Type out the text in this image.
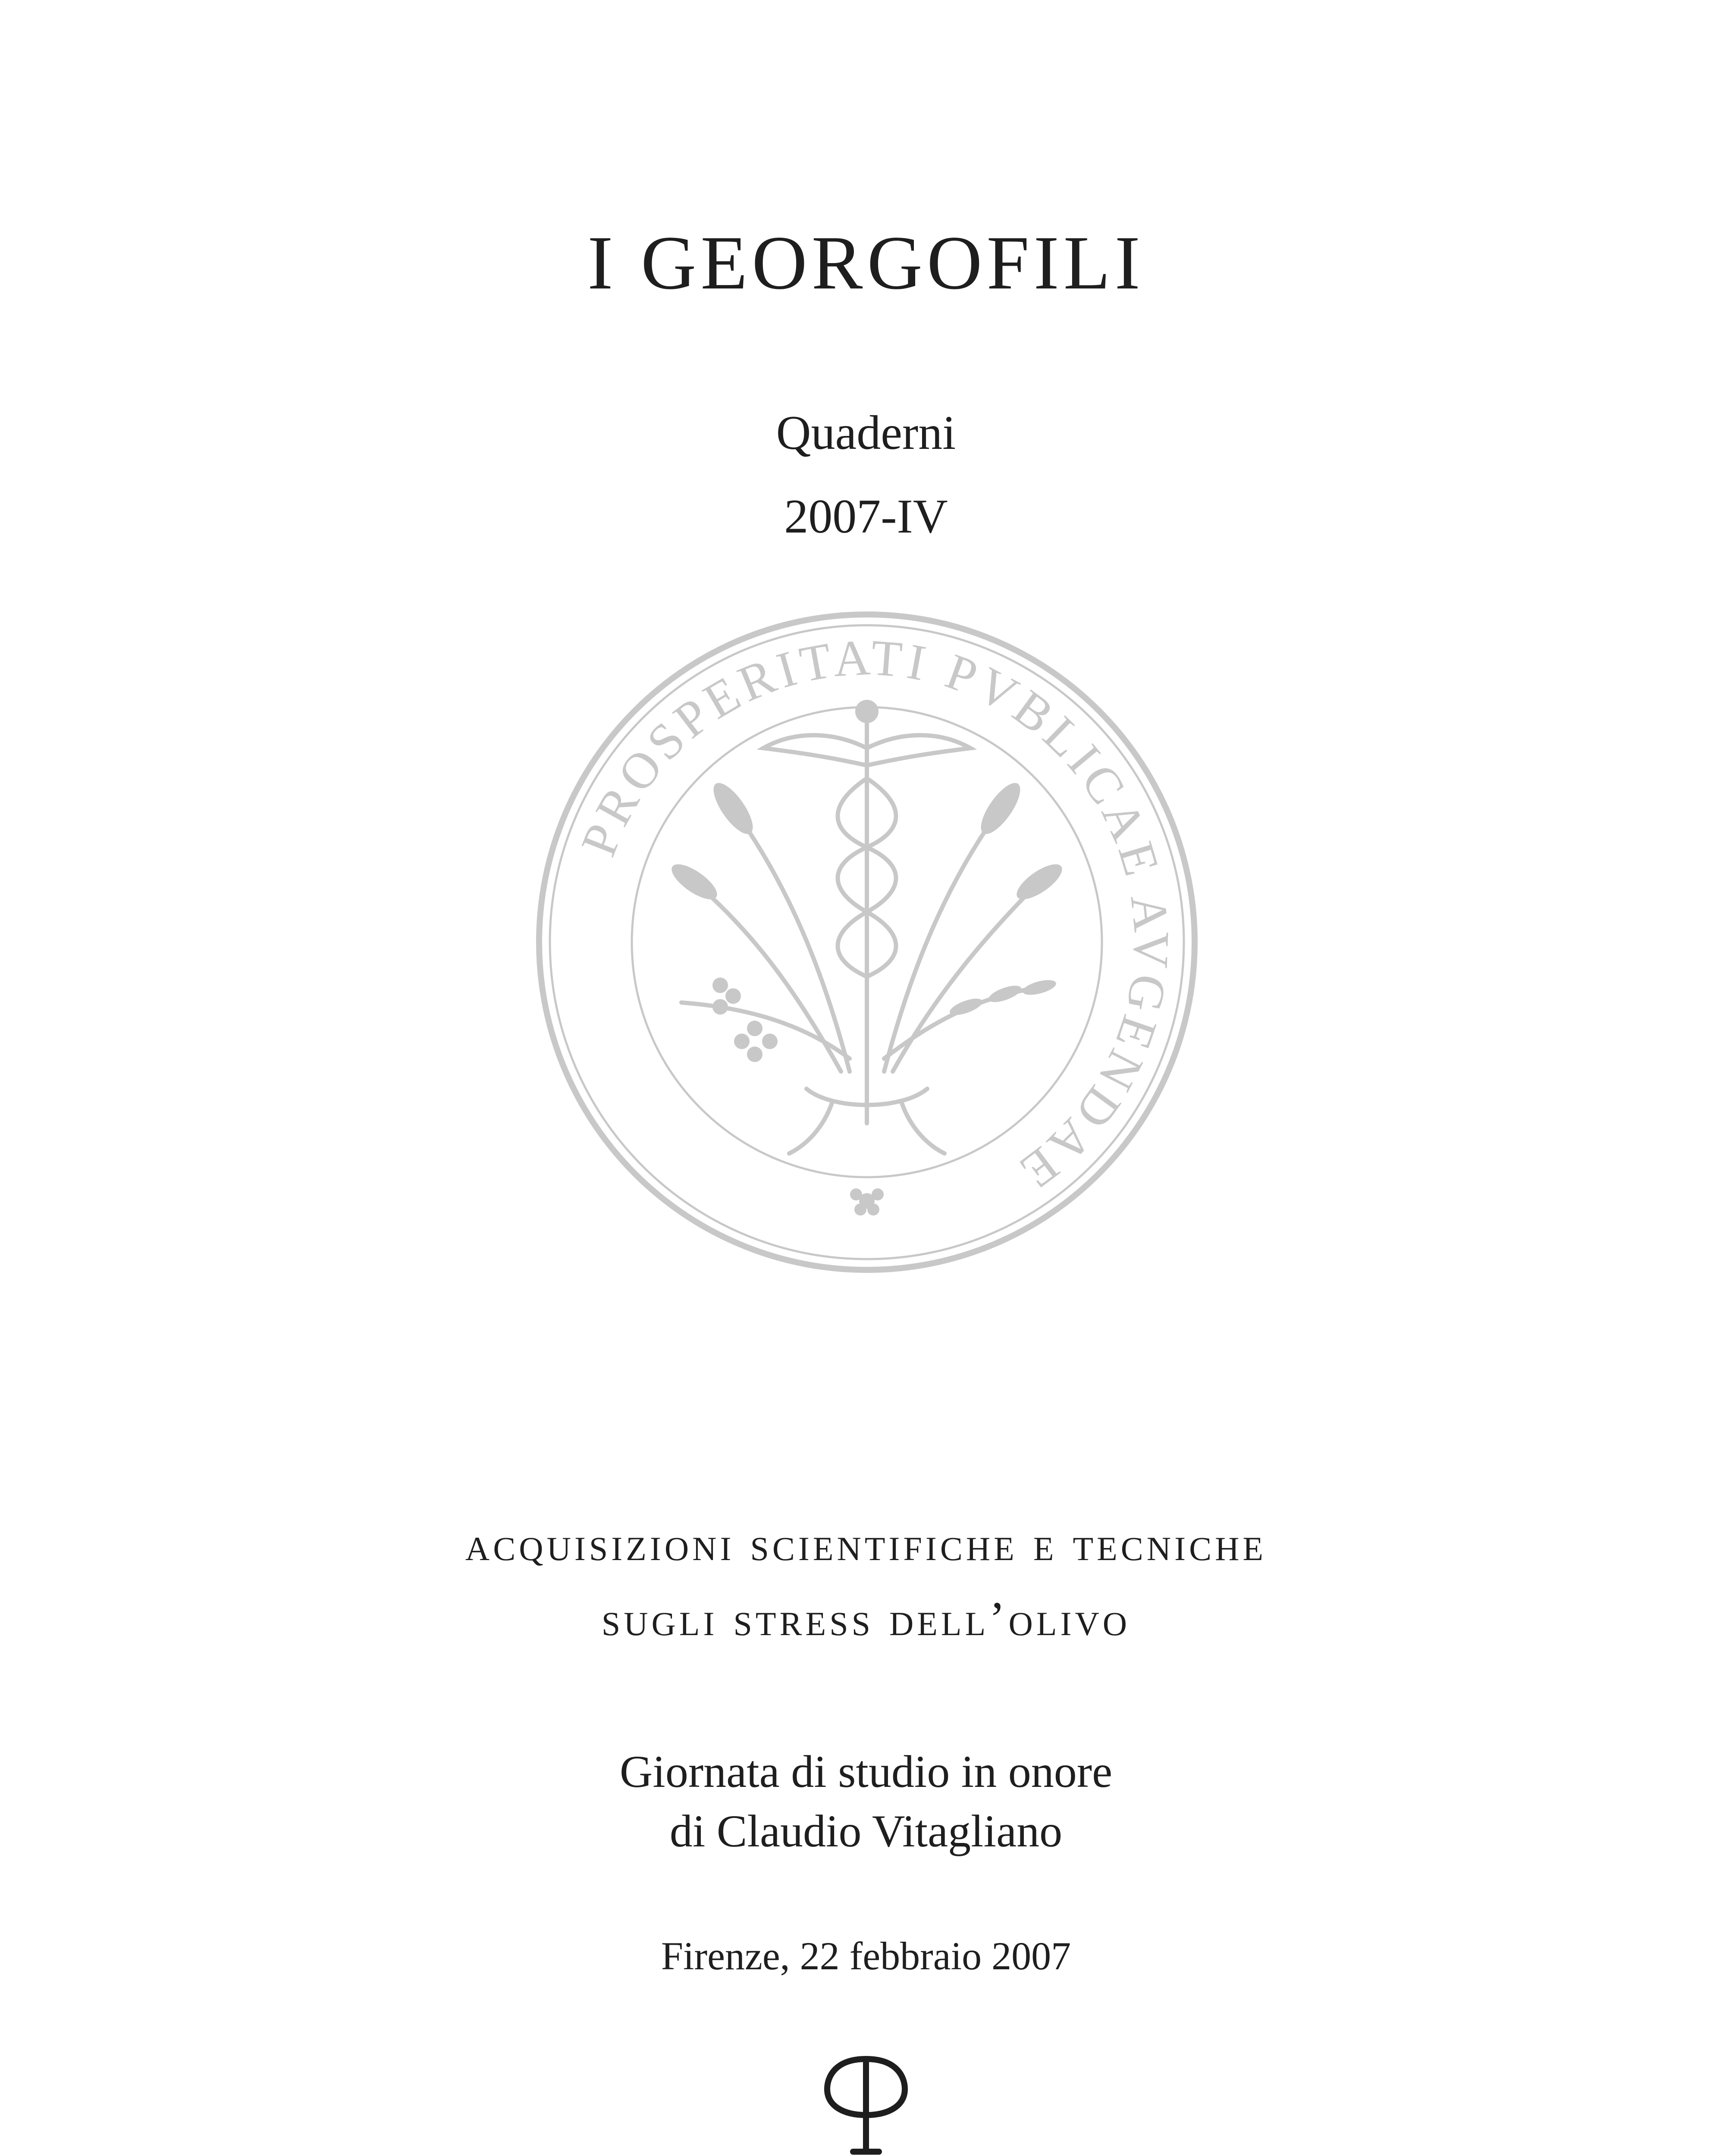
I GEORGOFILI
Quaderni
2007-IV
PROSPERITATI PVBLICAE AVGENDAE
acquisizioni scientifiche e tecniche
sugli stress dell’olivo
Giornata di studio in onore
di Claudio Vitagliano
Firenze, 22 febbraio 2007
